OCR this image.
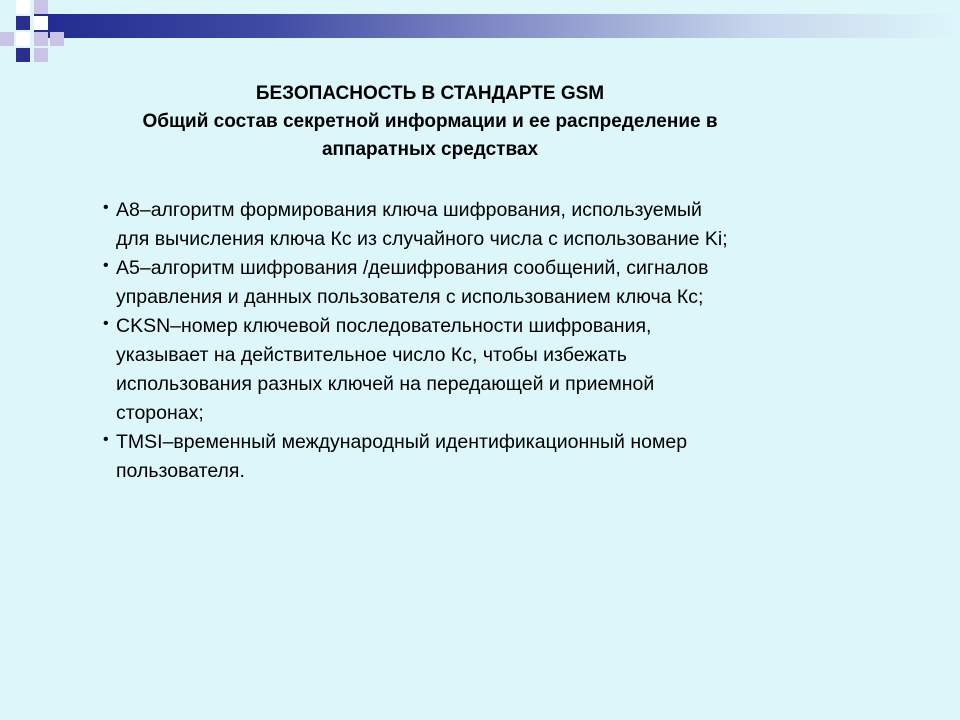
БЕЗОПАСНОСТЬ В СТАНДАРТЕ GSM
Общий состав секретной информации и ее распределение в
аппаратных средствах
• А8–алгоритм формирования ключа шифрования, используемый
для вычисления ключа Кс из случайного числа с использование Ki;
• А5–алгоритм шифрования /дешифрования сообщений, сигналов
управления и данных пользователя с использованием ключа Кс;
• CKSN–номер ключевой последовательности шифрования,
указывает на действительное число Кс, чтобы избежать
использования разных ключей на передающей и приемной
сторонах;
• TMSI–временный международный идентификационный номер
пользователя.
